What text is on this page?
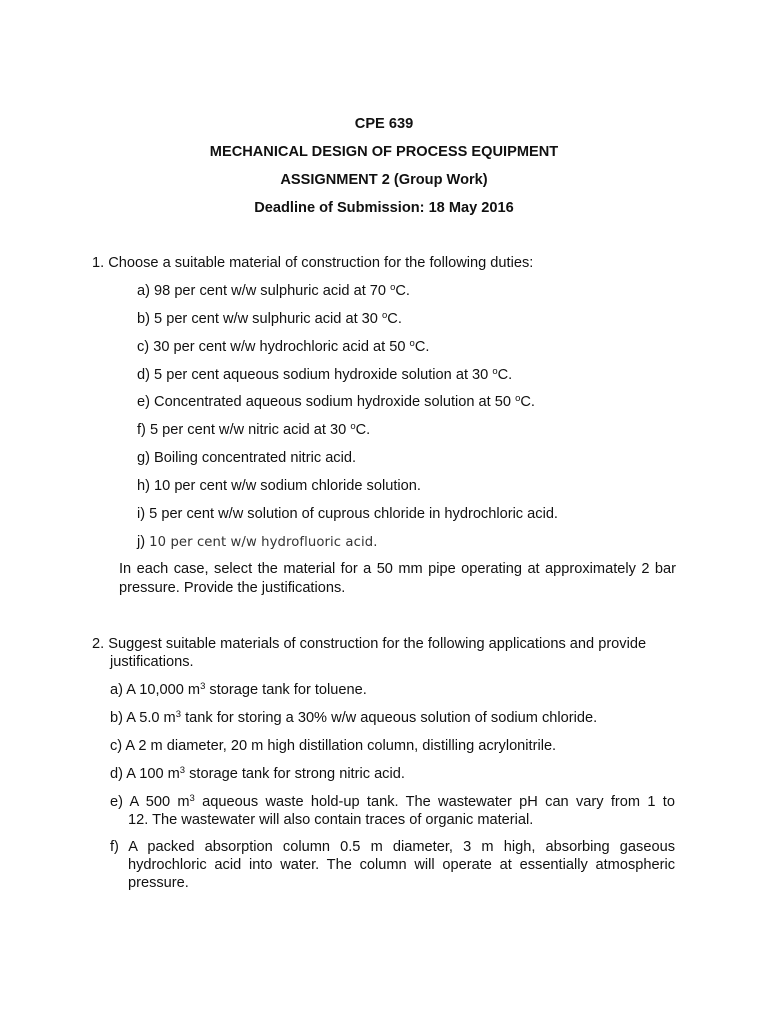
CPE 639
MECHANICAL DESIGN OF PROCESS EQUIPMENT
ASSIGNMENT 2 (Group Work)
Deadline of Submission: 18 May 2016
1. Choose a suitable material of construction for the following duties:
a) 98 per cent w/w sulphuric acid at 70 $^o$C.
b) 5 per cent w/w sulphuric acid at 30 $^o$C.
c) 30 per cent w/w hydrochloric acid at 50 $^o$C.
d) 5 per cent aqueous sodium hydroxide solution at 30 $^o$C.
e) Concentrated aqueous sodium hydroxide solution at 50 $^o$C.
f) 5 per cent w/w nitric acid at 30 $^o$C.
g) Boiling concentrated nitric acid.
h) 10 per cent w/w sodium chloride solution.
i) 5 per cent w/w solution of cuprous chloride in hydrochloric acid.
j) 10 per cent w/w hydrofluoric acid.
In each case, select the material for a 50 mm pipe operating at approximately 2 bar pressure. Provide the justifications.
2. Suggest suitable materials of construction for the following applications and provide
justifications.
a) A 10,000 $m^3$ storage tank for toluene.
b) A 5.0 $m^3$ tank for storing a 30% w/w aqueous solution of sodium chloride.
c) A 2 m diameter, 20 m high distillation column, distilling acrylonitrile.
d) A 100 $m^3$ storage tank for strong nitric acid.
e) A 500 $m^3$ aqueous waste hold-up tank. The wastewater pH can vary from 1 to
12. The wastewater will also contain traces of organic material.
f) A packed absorption column 0.5 m diameter, 3 m high, absorbing gaseous
hydrochloric acid into water. The column will operate at essentially atmospheric
pressure.
